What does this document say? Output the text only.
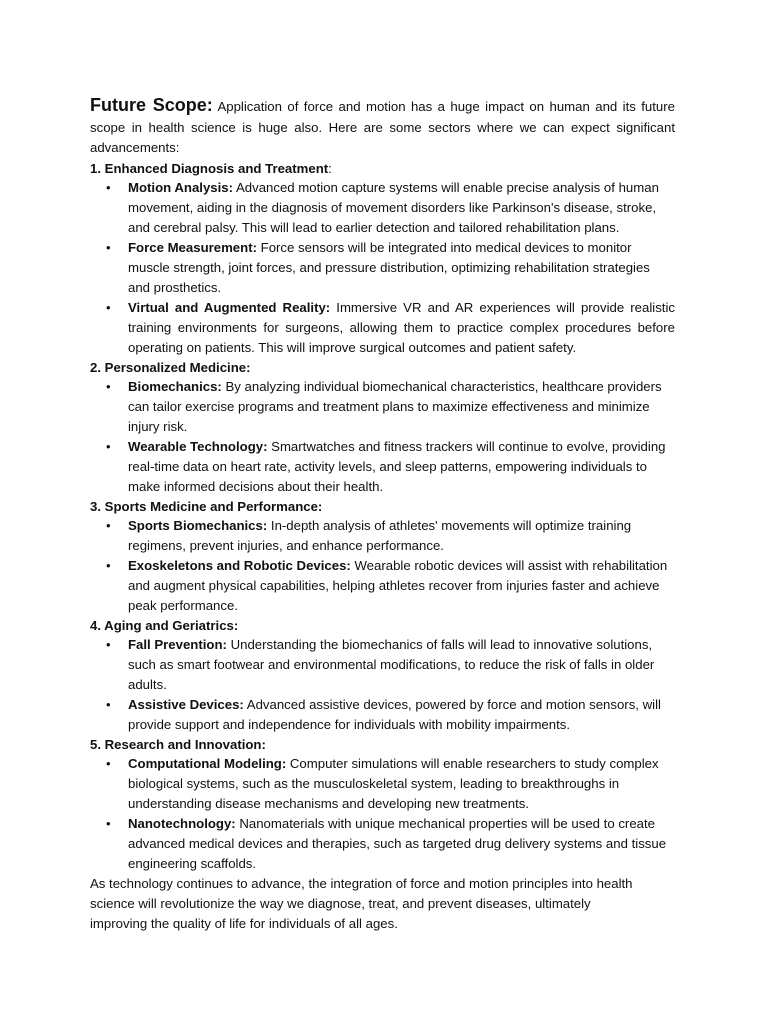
Future Scope: Application of force and motion has a huge impact on human and its future scope in health science is huge also. Here are some sectors where we can expect significant advancements:

1. Enhanced Diagnosis and Treatment:

• Motion Analysis: Advanced motion capture systems will enable precise analysis of human movement, aiding in the diagnosis of movement disorders like Parkinson's disease, stroke, and cerebral palsy. This will lead to earlier detection and tailored rehabilitation plans.
• Force Measurement: Force sensors will be integrated into medical devices to monitor muscle strength, joint forces, and pressure distribution, optimizing rehabilitation strategies and prosthetics.
• Virtual and Augmented Reality: Immersive VR and AR experiences will provide realistic training environments for surgeons, allowing them to practice complex procedures before operating on patients. This will improve surgical outcomes and patient safety.

2. Personalized Medicine:

• Biomechanics: By analyzing individual biomechanical characteristics, healthcare providers can tailor exercise programs and treatment plans to maximize effectiveness and minimize injury risk.
• Wearable Technology: Smartwatches and fitness trackers will continue to evolve, providing real-time data on heart rate, activity levels, and sleep patterns, empowering individuals to make informed decisions about their health.

3. Sports Medicine and Performance:

• Sports Biomechanics: In-depth analysis of athletes' movements will optimize training regimens, prevent injuries, and enhance performance.
• Exoskeletons and Robotic Devices: Wearable robotic devices will assist with rehabilitation and augment physical capabilities, helping athletes recover from injuries faster and achieve peak performance.

4. Aging and Geriatrics:

• Fall Prevention: Understanding the biomechanics of falls will lead to innovative solutions, such as smart footwear and environmental modifications, to reduce the risk of falls in older adults.
• Assistive Devices: Advanced assistive devices, powered by force and motion sensors, will provide support and independence for individuals with mobility impairments.

5. Research and Innovation:

• Computational Modeling: Computer simulations will enable researchers to study complex biological systems, such as the musculoskeletal system, leading to breakthroughs in understanding disease mechanisms and developing new treatments.
• Nanotechnology: Nanomaterials with unique mechanical properties will be used to create advanced medical devices and therapies, such as targeted drug delivery systems and tissue engineering scaffolds.

As technology continues to advance, the integration of force and motion principles into health science will revolutionize the way we diagnose, treat, and prevent diseases, ultimately improving the quality of life for individuals of all ages.
